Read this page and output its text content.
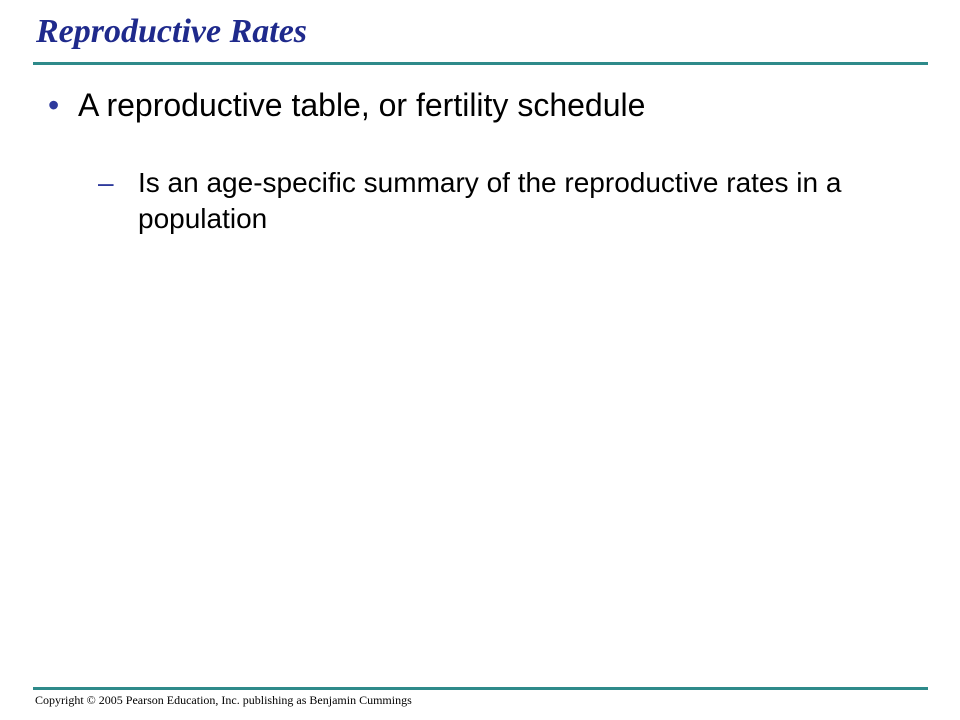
Reproductive Rates
• A reproductive table, or fertility schedule
– Is an age-specific summary of the reproductive rates in a population
Copyright © 2005 Pearson Education, Inc. publishing as Benjamin Cummings
